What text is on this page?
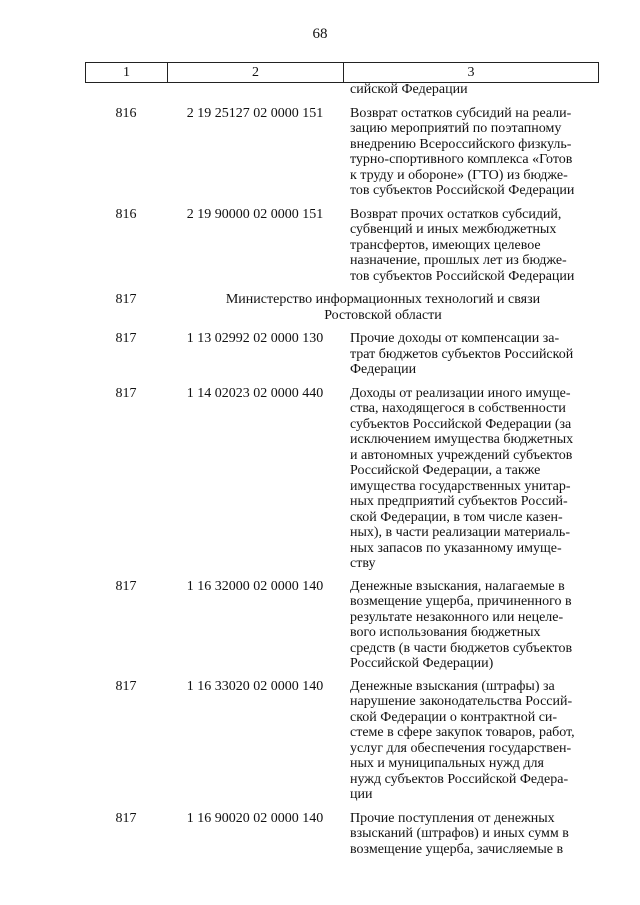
68
1	2	3
сийской Федерации
816	2 19 25127 02 0000 151	Возврат остатков субсидий на реали-
зацию мероприятий по поэтапному
внедрению Всероссийского физкуль-
турно-спортивного комплекса «Готов
к труду и обороне» (ГТО) из бюдже-
тов субъектов Российской Федерации
816	2 19 90000 02 0000 151	Возврат прочих остатков субсидий,
субвенций и иных межбюджетных
трансфертов, имеющих целевое
назначение, прошлых лет из бюдже-
тов субъектов Российской Федерации
817	Министерство информационных технологий и связи
Ростовской области
817	1 13 02992 02 0000 130	Прочие доходы от компенсации за-
трат бюджетов субъектов Российской
Федерации
817	1 14 02023 02 0000 440	Доходы от реализации иного имуще-
ства, находящегося в собственности
субъектов Российской Федерации (за
исключением имущества бюджетных
и автономных учреждений субъектов
Российской Федерации, а также
имущества государственных унитар-
ных предприятий субъектов Россий-
ской Федерации, в том числе казен-
ных), в части реализации материаль-
ных запасов по указанному имуще-
ству
817	1 16 32000 02 0000 140	Денежные взыскания, налагаемые в
возмещение ущерба, причиненного в
результате незаконного или нецеле-
вого использования бюджетных
средств (в части бюджетов субъектов
Российской Федерации)
817	1 16 33020 02 0000 140	Денежные взыскания (штрафы) за
нарушение законодательства Россий-
ской Федерации о контрактной си-
стеме в сфере закупок товаров, работ,
услуг для обеспечения государствен-
ных и муниципальных нужд для
нужд субъектов Российской Федера-
ции
817	1 16 90020 02 0000 140	Прочие поступления от денежных
взысканий (штрафов) и иных сумм в
возмещение ущерба, зачисляемые в
